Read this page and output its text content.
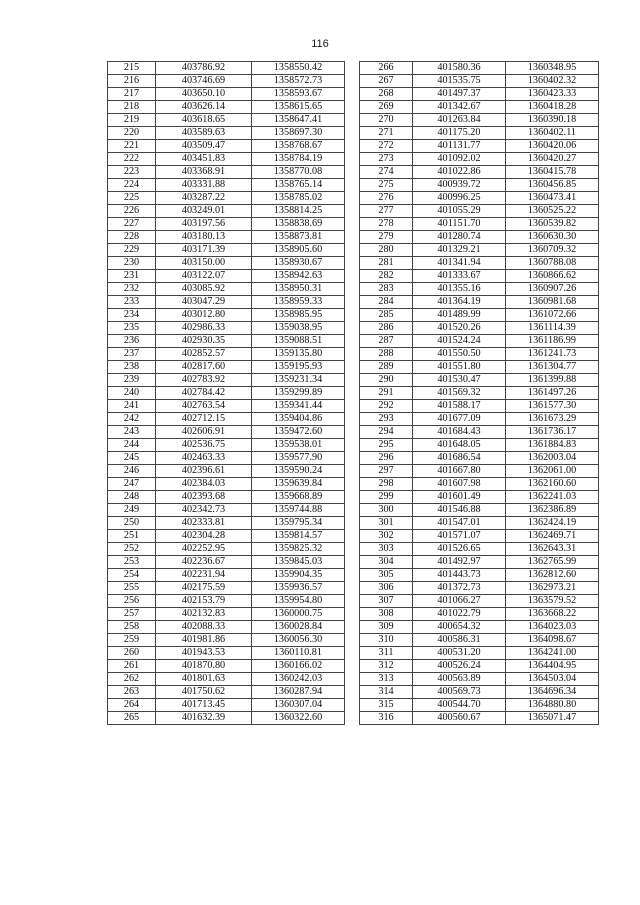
116
215	403786.92	1358550.42
216	403746.69	1358572.73
217	403650.10	1358593.67
218	403626.14	1358615.65
219	403618.65	1358647.41
220	403589.63	1358697.30
221	403509.47	1358768.67
222	403451.83	1358784.19
223	403368.91	1358770.08
224	403331.88	1358765.14
225	403287.22	1358785.02
226	403249.01	1358814.25
227	403197.56	1358838.69
228	403180.13	1358873.81
229	403171.39	1358905.60
230	403150.00	1358930.67
231	403122.07	1358942.63
232	403085.92	1358950.31
233	403047.29	1358959.33
234	403012.80	1358985.95
235	402986.33	1359038.95
236	402930.35	1359088.51
237	402852.57	1359135.80
238	402817.60	1359195.93
239	402783.92	1359231.34
240	402784.42	1359299.89
241	402763.54	1359341.44
242	402712.15	1359404.86
243	402606.91	1359472.60
244	402536.75	1359538.01
245	402463.33	1359577.90
246	402396.61	1359590.24
247	402384.03	1359639.84
248	402393.68	1359668.89
249	402342.73	1359744.88
250	402333.81	1359795.34
251	402304.28	1359814.57
252	402252.95	1359825.32
253	402236.67	1359845.03
254	402231.94	1359904.35
255	402175.59	1359936.57
256	402153.79	1359954.80
257	402132.83	1360000.75
258	402088.33	1360028.84
259	401981.86	1360056.30
260	401943.53	1360110.81
261	401870.80	1360166.02
262	401801.63	1360242.03
263	401750.62	1360287.94
264	401713.45	1360307.04
265	401632.39	1360322.60
266	401580.36	1360348.95
267	401535.75	1360402.32
268	401497.37	1360423.33
269	401342.67	1360418.28
270	401263.84	1360390.18
271	401175.20	1360402.11
272	401131.77	1360420.06
273	401092.02	1360420.27
274	401022.86	1360415.78
275	400939.72	1360456.85
276	400996.25	1360473.41
277	401055.29	1360525.22
278	401151.70	1360539.82
279	401280.74	1360630.30
280	401329.21	1360709.32
281	401341.94	1360788.08
282	401333.67	1360866.62
283	401355.16	1360907.26
284	401364.19	1360981.68
285	401489.99	1361072.66
286	401520.26	1361114.39
287	401524.24	1361186.99
288	401550.50	1361241.73
289	401551.80	1361304.77
290	401530.47	1361399.88
291	401569.32	1361497.26
292	401588.17	1361577.30
293	401677.09	1361673.29
294	401684.43	1361736.17
295	401648.05	1361884.83
296	401686.54	1362003.04
297	401667.80	1362061.00
298	401607.98	1362160.60
299	401601.49	1362241.03
300	401546.88	1362386.89
301	401547.01	1362424.19
302	401571.07	1362469.71
303	401526.65	1362643.31
304	401492.97	1362765.99
305	401443.73	1362812.60
306	401372.73	1362973.21
307	401066.27	1363579.52
308	401022.79	1363668.22
309	400654.32	1364023.03
310	400586.31	1364098.67
311	400531.20	1364241.00
312	400526.24	1364404.95
313	400563.89	1364503.04
314	400569.73	1364696.34
315	400544.70	1364880.80
316	400560.67	1365071.47
